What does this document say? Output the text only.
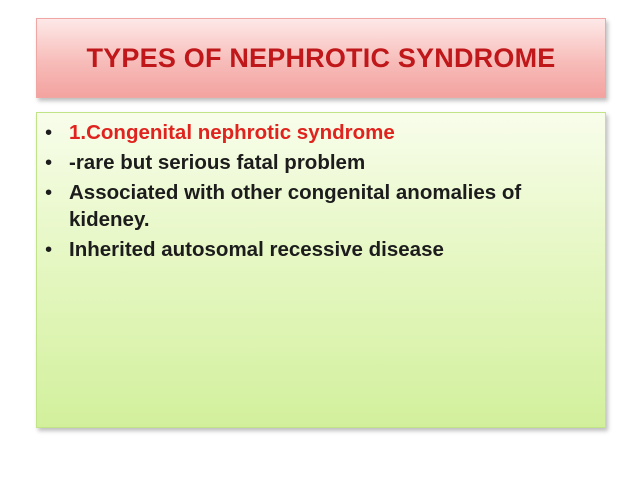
TYPES OF NEPHROTIC SYNDROME
• 1.Congenital nephrotic syndrome
• -rare but serious fatal problem
• Associated with other congenital anomalies of kideney.
• Inherited autosomal recessive disease
